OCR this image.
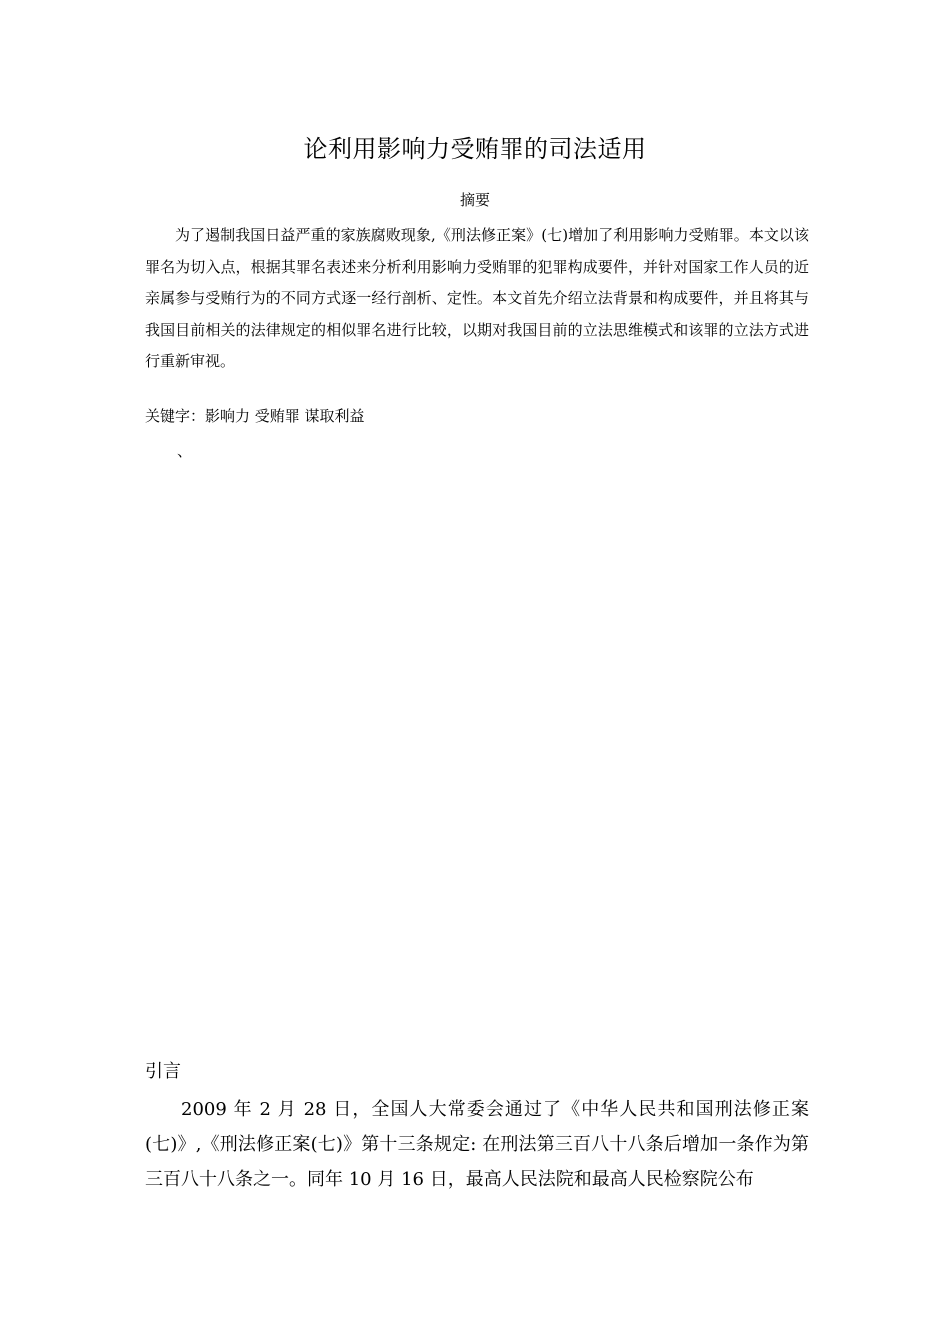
论利用影响力受贿罪的司法适用
摘要

为了遏制我国日益严重的家族腐败现象,《刑法修正案》(七)增加了利用影响力受贿罪。本文以该罪名为切入点，根据其罪名表述来分析利用影响力受贿罪的犯罪构成要件，并针对国家工作人员的近亲属参与受贿行为的不同方式逐一经行剖析、定性。本文首先介绍立法背景和构成要件，并且将其与我国目前相关的法律规定的相似罪名进行比较，以期对我国目前的立法思维模式和该罪的立法方式进行重新审视。

关键字：影响力 受贿罪 谋取利益

、

引言

2009 年 2 月 28 日，全国人大常委会通过了《中华人民共和国刑法修正案(七)》,《刑法修正案(七)》第十三条规定: 在刑法第三百八十八条后增加一条作为第三百八十八条之一。同年 10 月 16 日，最高人民法院和最高人民检察院公布
